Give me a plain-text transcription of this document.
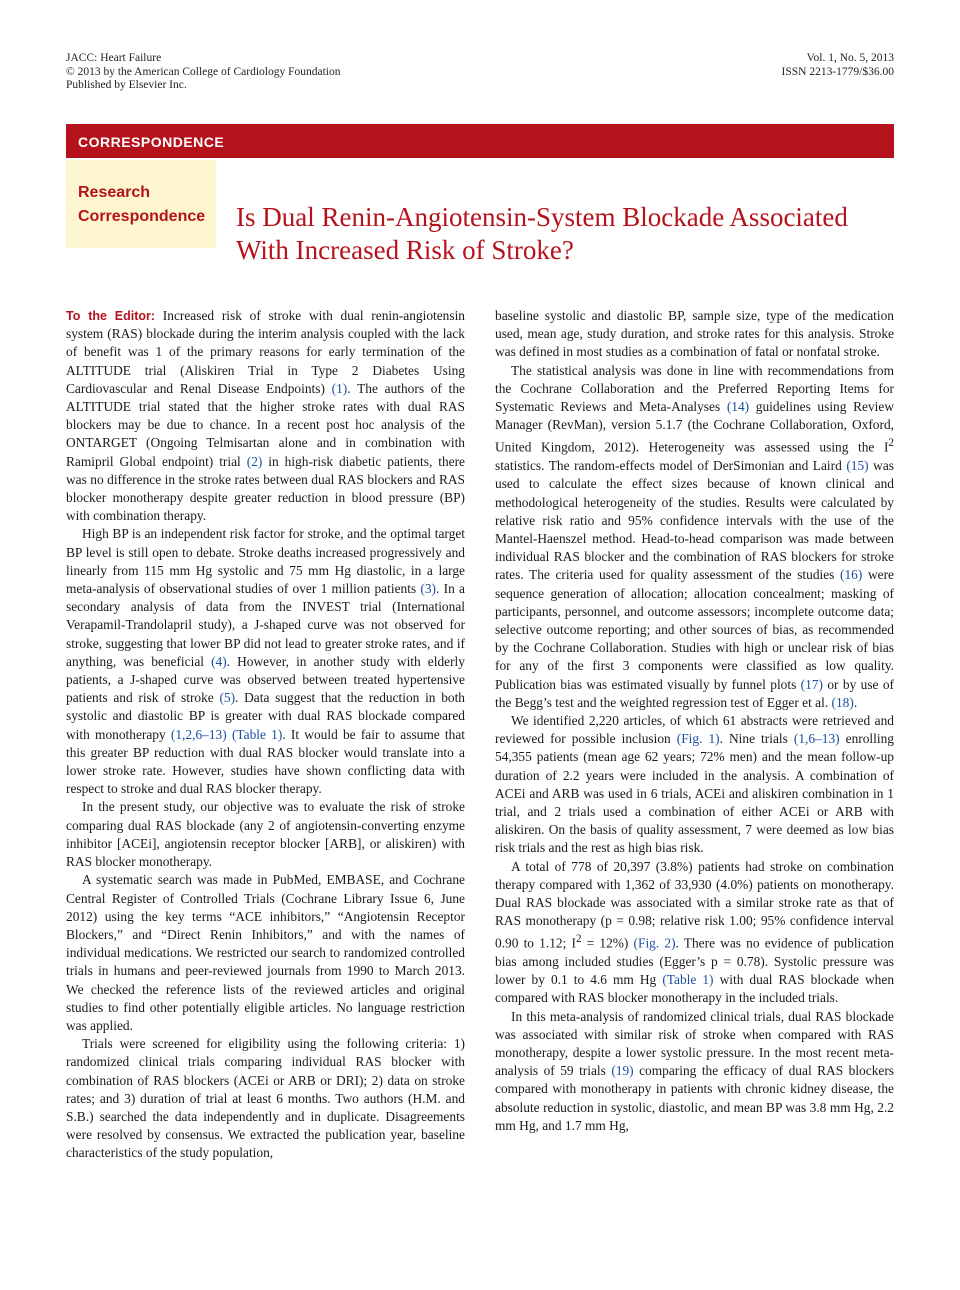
JACC: Heart Failure
© 2013 by the American College of Cardiology Foundation
Published by Elsevier Inc.
Vol. 1, No. 5, 2013
ISSN 2213-1779/$36.00
CORRESPONDENCE
Research
Correspondence Is Dual Renin-Angiotensin-System Blockade Associated With Increased Risk of Stroke?

To the Editor: Increased risk of stroke with dual renin-angiotensin system (RAS) blockade during the interim analysis coupled with the lack of benefit was 1 of the primary reasons for early termination of the ALTITUDE trial (Aliskiren Trial in Type 2 Diabetes Using Cardiovascular and Renal Disease Endpoints) (1). The authors of the ALTITUDE trial stated that the higher stroke rates with dual RAS blockers may be due to chance. In a recent post hoc analysis of the ONTARGET (Ongoing Telmisartan alone and in combination with Ramipril Global endpoint) trial (2) in high-risk diabetic patients, there was no difference in the stroke rates between dual RAS blockers and RAS blocker monotherapy despite greater reduction in blood pressure (BP) with combination therapy.

High BP is an independent risk factor for stroke, and the optimal target BP level is still open to debate. Stroke deaths increased progressively and linearly from 115 mm Hg systolic and 75 mm Hg diastolic, in a large meta-analysis of observational studies of over 1 million patients (3). In a secondary analysis of data from the INVEST trial (International Verapamil-Trandolapril study), a J-shaped curve was not observed for stroke, suggesting that lower BP did not lead to greater stroke rates, and if anything, was beneficial (4). However, in another study with elderly patients, a J-shaped curve was observed between treated hypertensive patients and risk of stroke (5). Data suggest that the reduction in both systolic and diastolic BP is greater with dual RAS blockade compared with monotherapy (1,2,6–13) (Table 1). It would be fair to assume that this greater BP reduction with dual RAS blocker would translate into a lower stroke rate. However, studies have shown conflicting data with respect to stroke and dual RAS blocker therapy.

In the present study, our objective was to evaluate the risk of stroke comparing dual RAS blockade (any 2 of angiotensin-converting enzyme inhibitor [ACEi], angiotensin receptor blocker [ARB], or aliskiren) with RAS blocker monotherapy.

A systematic search was made in PubMed, EMBASE, and Cochrane Central Register of Controlled Trials (Cochrane Library Issue 6, June 2012) using the key terms “ACE inhibitors,” “Angiotensin Receptor Blockers,” and “Direct Renin Inhibitors,” and with the names of individual medications. We restricted our search to randomized controlled trials in humans and peer-reviewed journals from 1990 to March 2013. We checked the reference lists of the reviewed articles and original studies to find other potentially eligible articles. No language restriction was applied.

Trials were screened for eligibility using the following criteria: 1) randomized clinical trials comparing individual RAS blocker with combination of RAS blockers (ACEi or ARB or DRI); 2) data on stroke rates; and 3) duration of trial at least 6 months. Two authors (H.M. and S.B.) searched the data independently and in duplicate. Disagreements were resolved by consensus. We extracted the publication year, baseline characteristics of the study population,

baseline systolic and diastolic BP, sample size, type of the medication used, mean age, study duration, and stroke rates for this analysis. Stroke was defined in most studies as a combination of fatal or nonfatal stroke.

The statistical analysis was done in line with recommendations from the Cochrane Collaboration and the Preferred Reporting Items for Systematic Reviews and Meta-Analyses (14) guidelines using Review Manager (RevMan), version 5.1.7 (the Cochrane Collaboration, Oxford, United Kingdom, 2012). Heterogeneity was assessed using the $I^2$ statistics. The random-effects model of DerSimonian and Laird (15) was used to calculate the effect sizes because of known clinical and methodological heterogeneity of the studies. Results were calculated by relative risk ratio and 95% confidence intervals with the use of the Mantel-Haenszel method. Head-to-head comparison was made between individual RAS blocker and the combination of RAS blockers for stroke rates. The criteria used for quality assessment of the studies (16) were sequence generation of allocation; allocation concealment; masking of participants, personnel, and outcome assessors; incomplete outcome data; selective outcome reporting; and other sources of bias, as recommended by the Cochrane Collaboration. Studies with high or unclear risk of bias for any of the first 3 components were classified as low quality. Publication bias was estimated visually by funnel plots (17) or by use of the Begg’s test and the weighted regression test of Egger et al. (18).

We identified 2,220 articles, of which 61 abstracts were retrieved and reviewed for possible inclusion (Fig. 1). Nine trials (1,6–13) enrolling 54,355 patients (mean age 62 years; 72% men) and the mean follow-up duration of 2.2 years were included in the analysis. A combination of ACEi and ARB was used in 6 trials, ACEi and aliskiren combination in 1 trial, and 2 trials used a combination of either ACEi or ARB with aliskiren. On the basis of quality assessment, 7 were deemed as low bias risk trials and the rest as high bias risk.

A total of 778 of 20,397 (3.8%) patients had stroke on combination therapy compared with 1,362 of 33,930 (4.0%) patients on monotherapy. Dual RAS blockade was associated with a similar stroke rate as that of RAS monotherapy (p = 0.98; relative risk 1.00; 95% confidence interval 0.90 to 1.12; $I^2 = 12\%$) (Fig. 2). There was no evidence of publication bias among included studies (Egger’s p = 0.78). Systolic pressure was lower by 0.1 to 4.6 mm Hg (Table 1) with dual RAS blockade when compared with RAS blocker monotherapy in the included trials.

In this meta-analysis of randomized clinical trials, dual RAS blockade was associated with similar risk of stroke when compared with RAS monotherapy, despite a lower systolic pressure. In the most recent meta-analysis of 59 trials (19) comparing the efficacy of dual RAS blockers compared with monotherapy in patients with chronic kidney disease, the absolute reduction in systolic, diastolic, and mean BP was 3.8 mm Hg, 2.2 mm Hg, and 1.7 mm Hg,
